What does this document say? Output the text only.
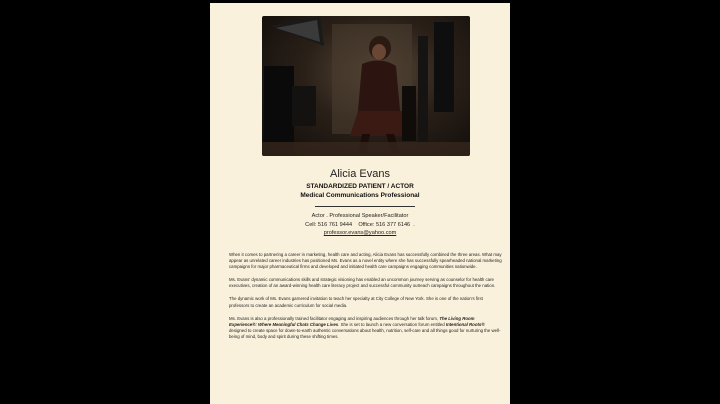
Alicia Evans
STANDARDIZED PATIENT / ACTOR
Medical Communications Professional
Actor . Professional Speaker/Facilitator
Cell: 516 761 9444    Office: 516 377 6146  .
professor.evans@yahoo.com

When it comes to partnering a career in marketing, health care and acting, Alicia Evans has successfully combined the three areas. What may appear as unrelated career industries has positioned Ms. Evans as a novel entity where she has successfully spearheaded national marketing campaigns for major pharmaceutical firms and developed and initiated health care campaigns engaging communities nationwide.

Ms. Evans' dynamic communications skills and strategic visioning has enabled an uncommon journey serving as counselor for health care executives, creation of an award-winning health care literacy project and successful community outreach campaigns throughout the nation.

The dynamic work of Ms. Evans garnered invitation to teach her specialty at City College of New York. She is one of the nation's first professors to create an academic curriculum for social media.

Ms. Evans is also a professionally trained facilitator engaging and inspiring audiences through her talk forum, The Living Room Experience®: Where Meaningful Chats Change Lives. She is set to launch a new conversation forum entitled Intentional Roots® designed to create space for down-to-earth authentic conversations about health, nutrition, self-care and all things good for nurturing the well-being of mind, body and spirit during these shifting times.
